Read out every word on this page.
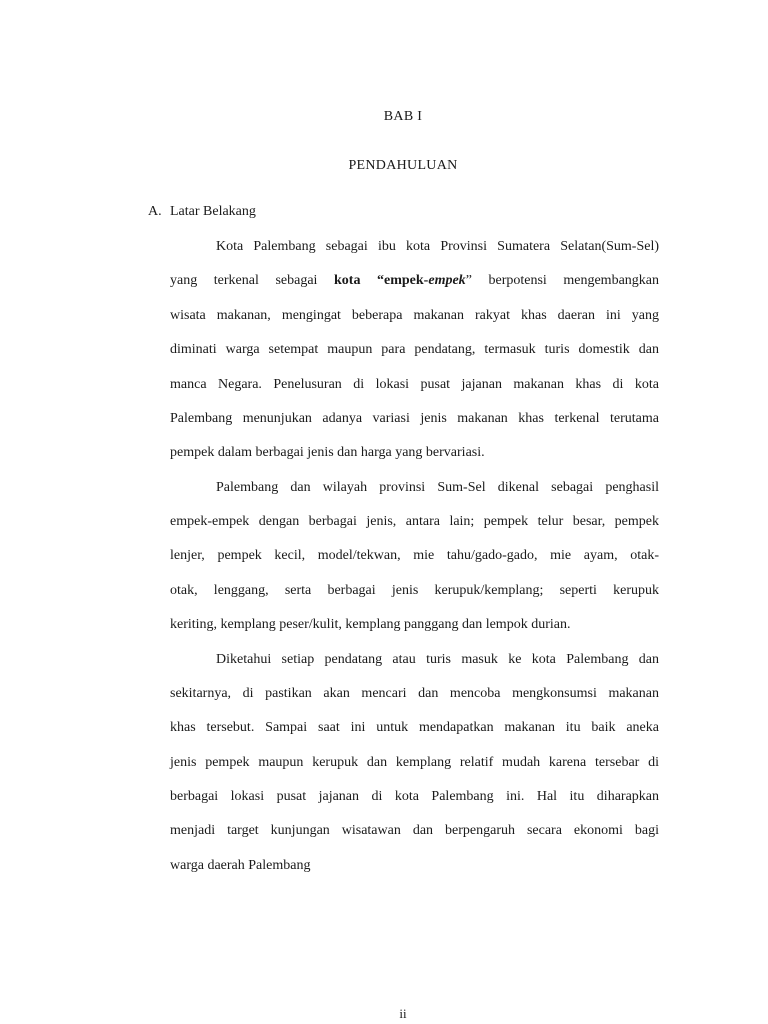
BAB I
PENDAHULUAN
A. Latar Belakang
Kota Palembang sebagai ibu kota Provinsi Sumatera Selatan(Sum-Sel)
yang terkenal sebagai kota “empek-empek” berpotensi mengembangkan
wisata makanan, mengingat beberapa makanan rakyat khas daeran ini yang
diminati warga setempat maupun para pendatang, termasuk turis domestik dan
manca Negara. Penelusuran di lokasi pusat jajanan makanan khas di kota
Palembang menunjukan adanya variasi jenis makanan khas terkenal terutama
pempek dalam berbagai jenis dan harga yang bervariasi.
Palembang dan wilayah provinsi Sum-Sel dikenal sebagai penghasil
empek-empek dengan berbagai jenis, antara lain; pempek telur besar, pempek
lenjer, pempek kecil, model/tekwan, mie tahu/gado-gado, mie ayam, otak-
otak, lenggang, serta berbagai jenis kerupuk/kemplang; seperti kerupuk
keriting, kemplang peser/kulit, kemplang panggang dan lempok durian.
Diketahui setiap pendatang atau turis masuk ke kota Palembang dan
sekitarnya, di pastikan akan mencari dan mencoba mengkonsumsi makanan
khas tersebut. Sampai saat ini untuk mendapatkan makanan itu baik aneka
jenis pempek maupun kerupuk dan kemplang relatif mudah karena tersebar di
berbagai lokasi pusat jajanan di kota Palembang ini. Hal itu diharapkan
menjadi target kunjungan wisatawan dan berpengaruh secara ekonomi bagi
warga daerah Palembang
ii
